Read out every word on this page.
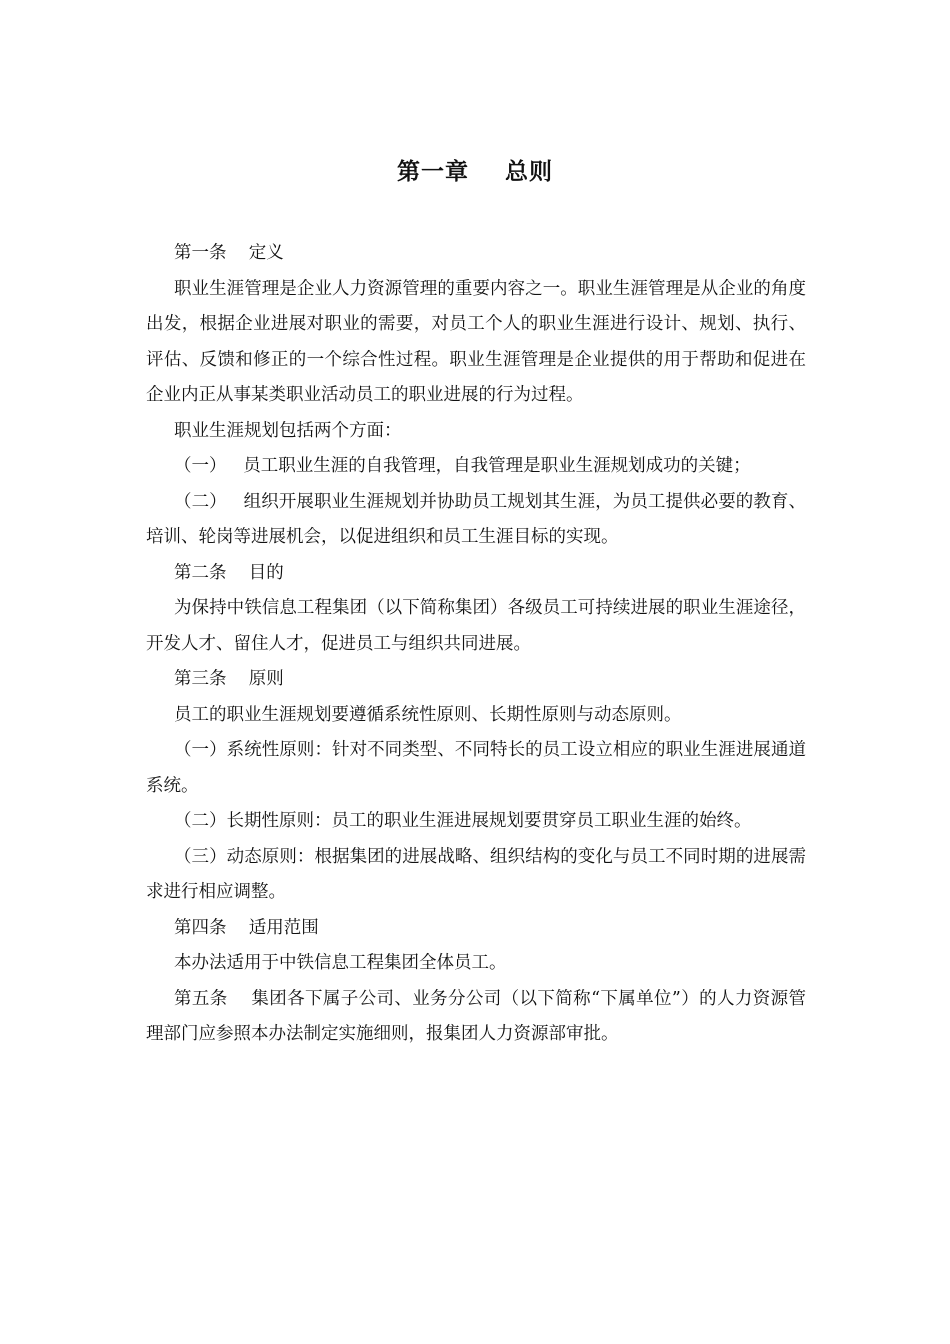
第一章    总则

第一条    定义

职业生涯管理是企业人力资源管理的重要内容之一。职业生涯管理是从企业的角度出发，根据企业进展对职业的需要，对员工个人的职业生涯进行设计、规划、执行、评估、反馈和修正的一个综合性过程。职业生涯管理是企业提供的用于帮助和促进在企业内正从事某类职业活动员工的职业进展的行为过程。

职业生涯规划包括两个方面：

（一）   员工职业生涯的自我管理，自我管理是职业生涯规划成功的关键；

（二）   组织开展职业生涯规划并协助员工规划其生涯，为员工提供必要的教育、培训、轮岗等进展机会，以促进组织和员工生涯目标的实现。

第二条    目的

为保持中铁信息工程集团（以下简称集团）各级员工可持续进展的职业生涯途径，开发人才、留住人才，促进员工与组织共同进展。

第三条    原则

员工的职业生涯规划要遵循系统性原则、长期性原则与动态原则。

（一）系统性原则：针对不同类型、不同特长的员工设立相应的职业生涯进展通道系统。

（二）长期性原则：员工的职业生涯进展规划要贯穿员工职业生涯的始终。

（三）动态原则：根据集团的进展战略、组织结构的变化与员工不同时期的进展需求进行相应调整。

第四条    适用范围

本办法适用于中铁信息工程集团全体员工。

第五条    集团各下属子公司、业务分公司（以下简称“下属单位”）的人力资源管理部门应参照本办法制定实施细则，报集团人力资源部审批。
